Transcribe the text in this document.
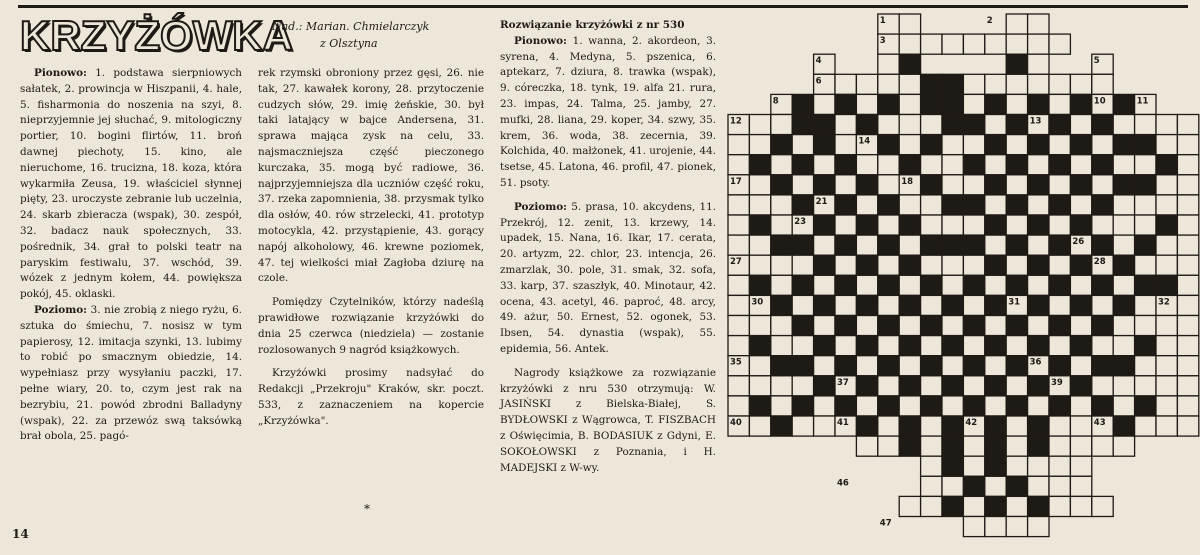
KRZYŻÓWKA
Nad.: Marian. Chmielarczyk
z Olsztyna

Pionowo: 1. podstawa sierpniowych sałatek, 2. prowincja w Hiszpanii, 4. hale, 5. fisharmonia do noszenia na szyi, 8. nieprzyjemnie jej słuchać, 9. mitologiczny portier, 10. bogini flirtów, 11. broń dawnej piechoty, 15. kino, ale nieruchome, 16. trucizna, 18. koza, która wykarmiła Zeusa, 19. właściciel słynnej pięty, 23. uroczyste zebranie lub uczelnia, 24. skarb zbieracza (wspak), 30. zespół, 32. badacz nauk społecznych, 33. pośrednik, 34. grał to polski teatr na paryskim festiwalu, 37. wschód, 39. wózek z jednym kołem, 44. powiększa pokój, 45. oklaski.

Poziomo: 3. nie zrobią z niego ryżu, 6. sztuka do śmiechu, 7. nosisz w tym papierosy, 12. imitacja szynki, 13. lubimy to robić po smacznym obiedzie, 14. wypełniasz przy wysyłaniu paczki, 17. pełne wiary, 20. to, czym jest rak na bezrybiu, 21. powód zbrodni Balladyny (wspak), 22. za przewóz swą taksówką brał obola, 25. pagó-

rek rzymski obroniony przez gęsi, 26. nie tak, 27. kawałek korony, 28. przytoczenie cudzych słów, 29. imię żeńskie, 30. był taki latający w bajce Andersena, 31. sprawa mająca zysk na celu, 33. najsmaczniejsza część pieczonego kurczaka, 35. mogą być radiowe, 36. najprzyjemniejsza dla uczniów część roku, 37. rzeka zapomnienia, 38. przysmak tylko dla osłów, 40. rów strzelecki, 41. prototyp motocykla, 42. przystąpienie, 43. gorący napój alkoholowy, 46. krewne poziomek, 47. tej wielkości miał Zagłoba dziurę na czole.

Pomiędzy Czytelników, którzy nadeślą prawidłowe rozwiązanie krzyżówki do dnia 25 czerwca (niedziela) — zostanie rozlosowanych 9 nagród książkowych.

Krzyżówki prosimy nadsyłać do Redakcji „Przekroju" Kraków, skr. poczt. 533, z zaznaczeniem na kopercie „Krzyżówka".

*

Rozwiązanie krzyżówki z nr 530

Pionowo: 1. wanna, 2. akordeon, 3. syrena, 4. Medyna, 5. pszenica, 6. aptekarz, 7. dziura, 8. trawka (wspak), 9. córeczka, 18. tynk, 19. alfa 21. rura, 23. impas, 24. Talma, 25. jamby, 27. mufki, 28. liana, 29. koper, 34. szwy, 35. krem, 36. woda, 38. zecernia, 39. Kolchida, 40. małżonek, 41. urojenie, 44. tsetse, 45. Latona, 46. profil, 47. pionek, 51. psoty.

Poziomo: 5. prasa, 10. akcydens, 11. Przekrój, 12. zenit, 13. krzewy, 14. upadek, 15. Nana, 16. Ikar, 17. cerata, 20. artyzm, 22. chlor, 23. intencja, 26. zmarzlak, 30. pole, 31. smak, 32. sofa, 33. karp, 37. szaszłyk, 40. Minotaur, 42. ocena, 43. acetyl, 46. paproć, 48. arcy, 49. ażur, 50. Ernest, 52. ogonek, 53. Ibsen, 54. dynastia (wspak), 55. epidemia, 56. Antek.

Nagrody książkowe za rozwiązanie krzyżówki z nru 530 otrzymują: W. JASIŃSKI z Bielska-Białej, S. BYDŁOWSKI z Wągrowca, T. FISZBACH z Oświęcimia, B. BODASIUK z Gdyni, E. SOKOŁOWSKI z Poznania, i H. MADEJSKI z W-wy.

14
1	2
3
4	5
6	7
8 9	10	11
12	13
14
15	16
17	18	19	20
21	22
23	24
25	26
27	28
29
30	31	32
33	34
35	36
37	38	39
40	41	42	43
44	45
46
47
